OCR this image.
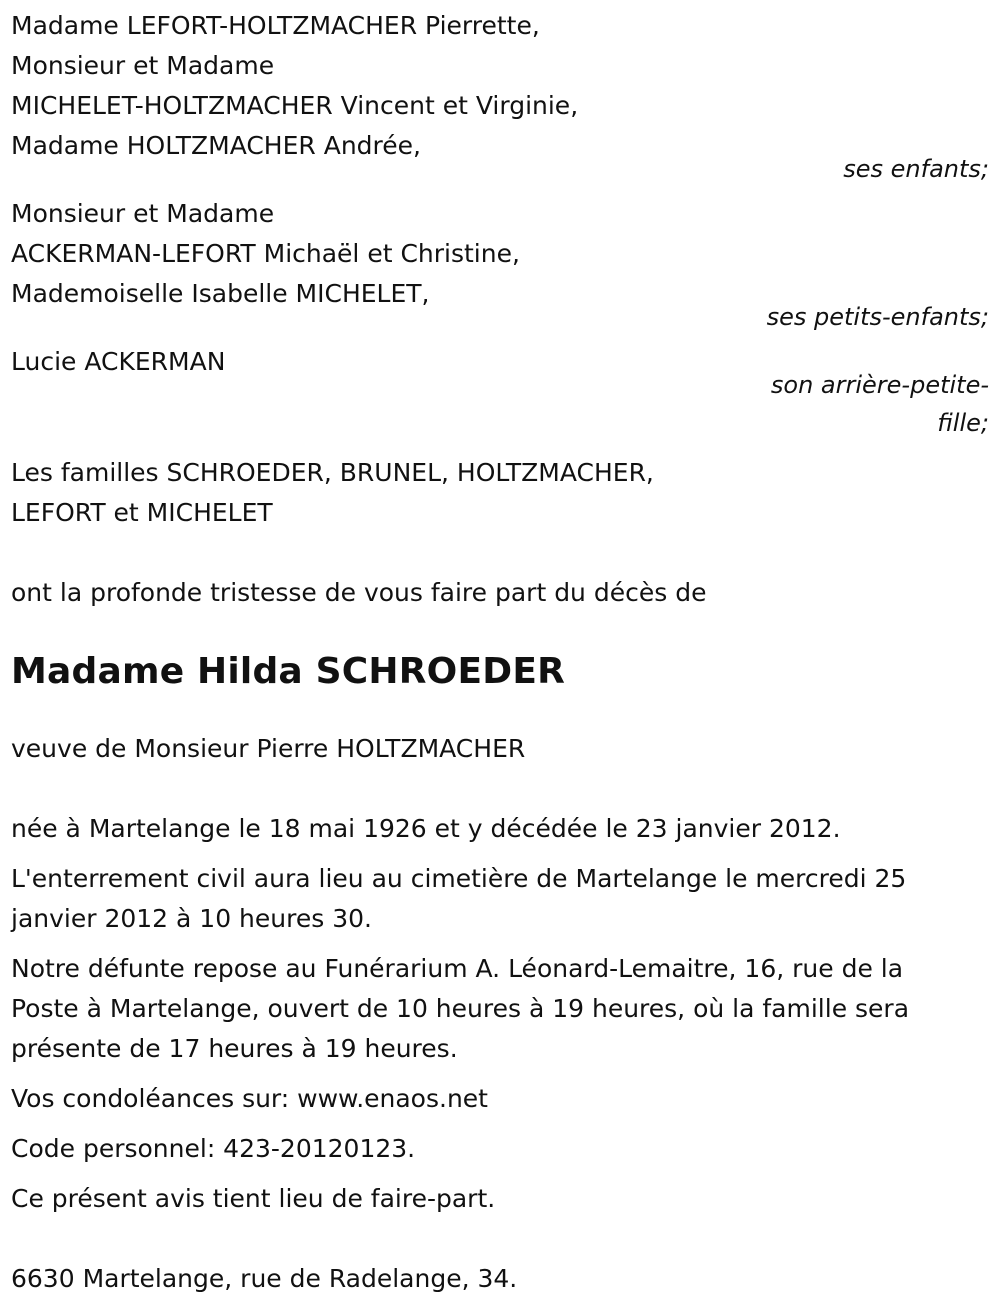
Madame LEFORT-HOLTZMACHER Pierrette,
Monsieur et Madame
MICHELET-HOLTZMACHER Vincent et Virginie,
Madame HOLTZMACHER Andrée,
ses enfants;
Monsieur et Madame
ACKERMAN-LEFORT Michaël et Christine,
Mademoiselle Isabelle MICHELET,
ses petits-enfants;
Lucie ACKERMAN
son arrière-petite-
fille;
Les familles SCHROEDER, BRUNEL, HOLTZMACHER,
LEFORT et MICHELET
ont la profonde tristesse de vous faire part du décès de
Madame Hilda SCHROEDER
veuve de Monsieur Pierre HOLTZMACHER
née à Martelange le 18 mai 1926 et y décédée le 23 janvier 2012.
L'enterrement civil aura lieu au cimetière de Martelange le mercredi 25
janvier 2012 à 10 heures 30.
Notre défunte repose au Funérarium A. Léonard-Lemaitre, 16, rue de la
Poste à Martelange, ouvert de 10 heures à 19 heures, où la famille sera
présente de 17 heures à 19 heures.
Vos condoléances sur: www.enaos.net
Code personnel: 423-20120123.
Ce présent avis tient lieu de faire-part.
6630 Martelange, rue de Radelange, 34.
